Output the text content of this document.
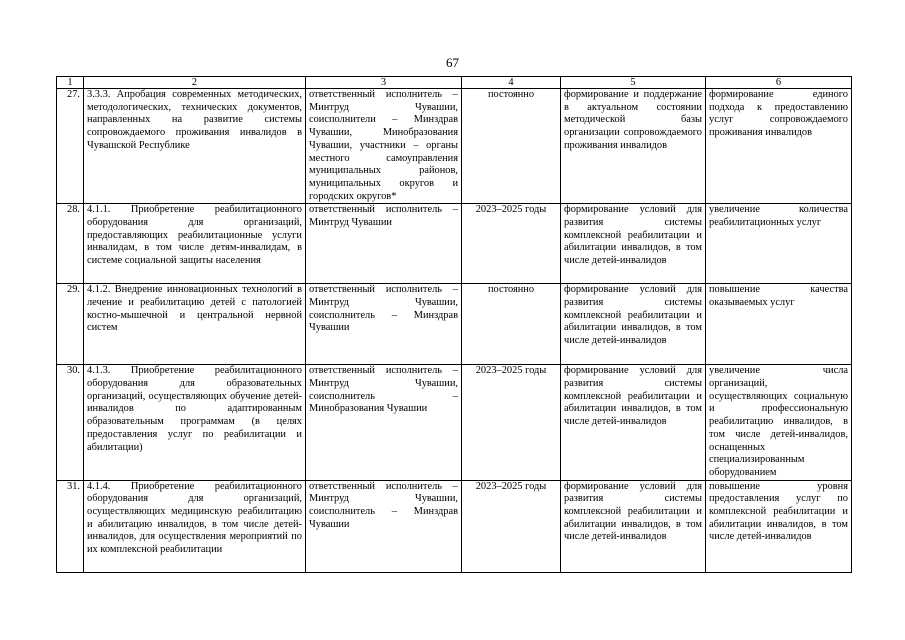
67
1	2	3	4	5	6
27.	3.3.3. Апробация современных методических, методологических, технических документов, направленных на развитие системы сопровождаемого проживания инвалидов в Чувашской Республике	ответственный исполнитель – Минтруд Чувашии, соисполнители – Минздрав Чувашии, Минобразования Чувашии, участники – органы местного самоуправления муниципальных районов, муниципальных округов и городских округов*	постоянно	формирование и поддержание в актуальном состоянии методической базы организации сопровождаемого проживания инвалидов	формирование единого подхода к предоставлению услуг сопровождаемого проживания инвалидов
28.	4.1.1. Приобретение реабилитационного оборудования для организаций, предоставляющих реабилитационные услуги инвалидам, в том числе детям-инвалидам, в системе социальной защиты населения	ответственный исполнитель – Минтруд Чувашии	2023–2025 годы	формирование условий для развития системы комплексной реабилитации и абилитации инвалидов, в том числе детей-инвалидов	увеличение количества реабилитационных услуг
29.	4.1.2. Внедрение инновационных технологий в лечение и реабилитацию детей с патологией костно-мышечной и центральной нервной систем	ответственный исполнитель – Минтруд Чувашии, соисполнитель – Минздрав Чувашии	постоянно	формирование условий для развития системы комплексной реабилитации и абилитации инвалидов, в том числе детей-инвалидов	повышение качества оказываемых услуг
30.	4.1.3. Приобретение реабилитационного оборудования для образовательных организаций, осуществляющих обучение детей-инвалидов по адаптированным образовательным программам (в целях предоставления услуг по реабилитации и абилитации)	ответственный исполнитель – Минтруд Чувашии, соисполнитель – Минобразования Чувашии	2023–2025 годы	формирование условий для развития системы комплексной реабилитации и абилитации инвалидов, в том числе детей-инвалидов	увеличение числа организаций, осуществляющих социальную и профессиональную реабилитацию инвалидов, в том числе детей-инвалидов, оснащенных специализированным оборудованием
31.	4.1.4. Приобретение реабилитационного оборудования для организаций, осуществляющих медицинскую реабилитацию и абилитацию инвалидов, в том числе детей-инвалидов, для осуществления мероприятий по их комплексной реабилитации	ответственный исполнитель – Минтруд Чувашии, соисполнитель – Минздрав Чувашии	2023–2025 годы	формирование условий для развития системы комплексной реабилитации и абилитации инвалидов, в том числе детей-инвалидов	повышение уровня предоставления услуг по комплексной реабилитации и абилитации инвалидов, в том числе детей-инвалидов
